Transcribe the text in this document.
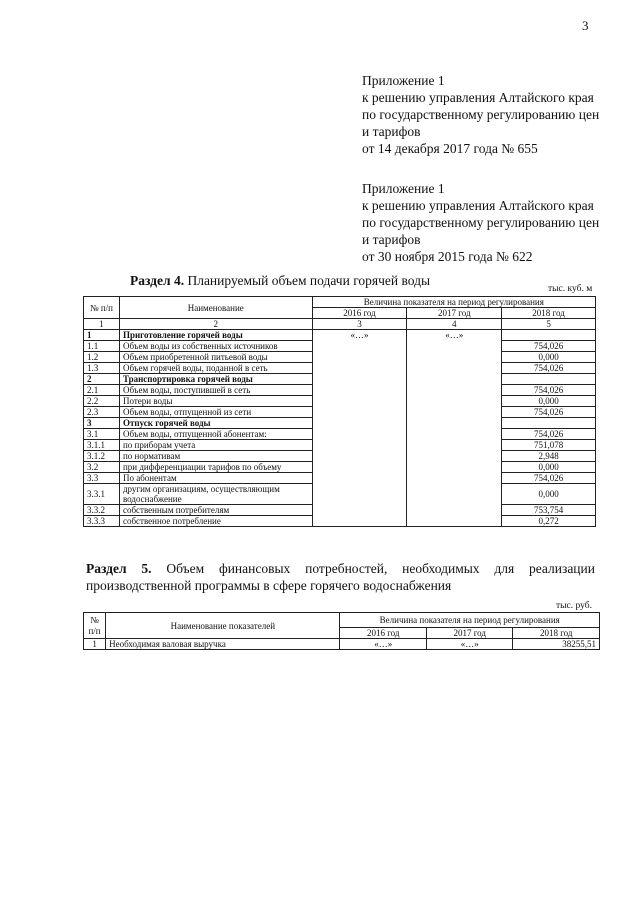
3
Приложение 1
к решению управления Алтайского края
по государственному регулированию цен
и тарифов
от 14 декабря 2017 года № 655
Приложение 1
к решению управления Алтайского края
по государственному регулированию цен
и тарифов
от 30 ноября 2015 года № 622
Раздел 4. Планируемый объем подачи горячей воды
тыс. куб. м
№ п/п	Наименование	Величина показателя на период регулирования		
		2016 год	2017 год	2018 год
1	2	3	4	5
1	Приготовление горячей воды	«…»	«…»	
1.1	Объем воды из собственных источников			754,026
1.2	Объем приобретенной питьевой воды			0,000
1.3	Объем горячей воды, поданной в сеть			754,026
2	Транспортировка горячей воды			
2.1	Объем воды, поступившей в сеть			754,026
2.2	Потери воды			0,000
2.3	Объем воды, отпущенной из сети			754,026
3	Отпуск горячей воды			
3.1	Объем воды, отпущенной абонентам:			754,026
3.1.1	по приборам учета			751,078
3.1.2	по нормативам			2,948
3.2	при дифференциации тарифов по объему			0,000
3.3	По абонентам			754,026
3.3.1	другим организациям, осуществляющим водоснабжение			0,000
3.3.2	собственным потребителям			753,754
3.3.3	собственное потребление			0,272
Раздел 5. Объем финансовых потребностей, необходимых для реализации производственной программы в сфере горячего водоснабжения
тыс. руб.
№ п/п	Наименование показателей	Величина показателя на период регулирования		
		2016 год	2017 год	2018 год
1	Необходимая валовая выручка	«…»	«…»	38255,51
